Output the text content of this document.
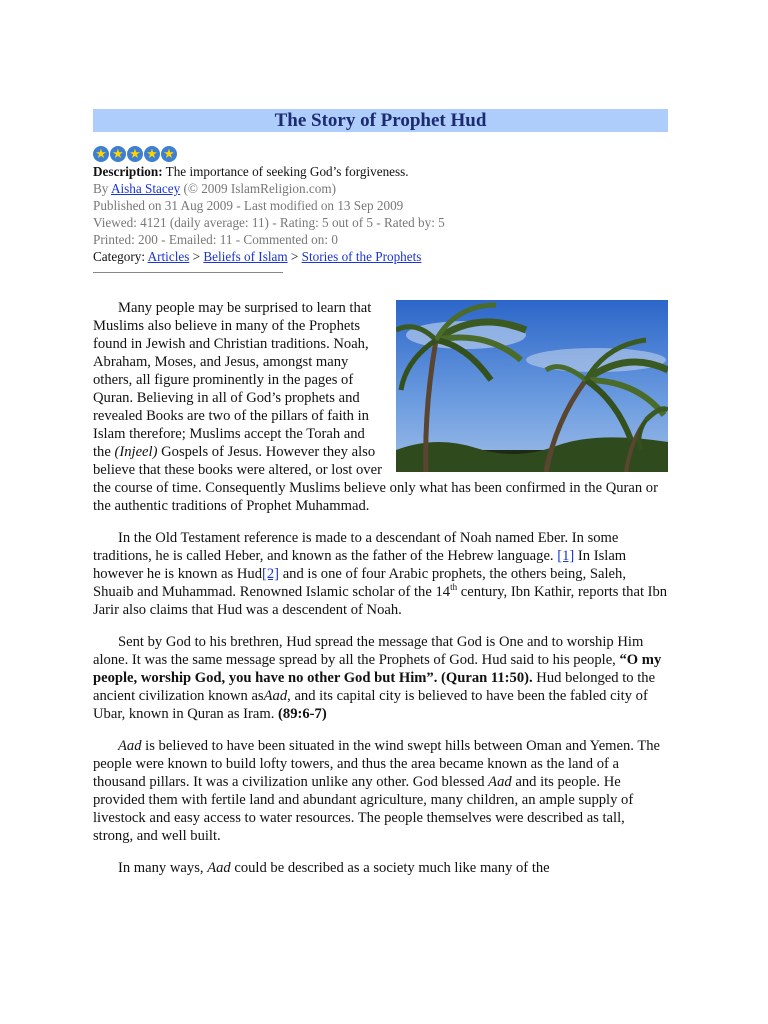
The Story of Prophet Hud
★ ★ ★ ★ ★
Description: The importance of seeking God’s forgiveness.
By Aisha Stacey (© 2009 IslamReligion.com)
Published on 31 Aug 2009 - Last modified on 13 Sep 2009
Viewed: 4121 (daily average: 11) - Rating: 5 out of 5 - Rated by: 5
Printed: 200 - Emailed: 11 - Commented on: 0
Category: Articles > Beliefs of Islam > Stories of the Prophets

Many people may be surprised to learn that Muslims also believe in many of the Prophets found in Jewish and Christian traditions. Noah, Abraham, Moses, and Jesus, amongst many others, all figure prominently in the pages of Quran. Believing in all of God’s prophets and revealed Books are two of the pillars of faith in Islam therefore; Muslims accept the Torah and the (Injeel) Gospels of Jesus. However they also believe that these books were altered, or lost over the course of time. Consequently Muslims believe only what has been confirmed in the Quran or the authentic traditions of Prophet Muhammad.

In the Old Testament reference is made to a descendant of Noah named Eber. In some traditions, he is called Heber, and known as the father of the Hebrew language. [1] In Islam however he is known as Hud[2] and is one of four Arabic prophets, the others being, Saleh, Shuaib and Muhammad. Renowned Islamic scholar of the 14th century, Ibn Kathir, reports that Ibn Jarir also claims that Hud was a descendent of Noah.

Sent by God to his brethren, Hud spread the message that God is One and to worship Him alone. It was the same message spread by all the Prophets of God. Hud said to his people, “O my people, worship God, you have no other God but Him”. (Quran 11:50). Hud belonged to the ancient civilization known asAad, and its capital city is believed to have been the fabled city of Ubar, known in Quran as Iram. (89:6-7)

Aad is believed to have been situated in the wind swept hills between Oman and Yemen. The people were known to build lofty towers, and thus the area became known as the land of a thousand pillars. It was a civilization unlike any other. God blessed Aad and its people. He provided them with fertile land and abundant agriculture, many children, an ample supply of livestock and easy access to water resources. The people themselves were described as tall, strong, and well built.

In many ways, Aad could be described as a society much like many of the
